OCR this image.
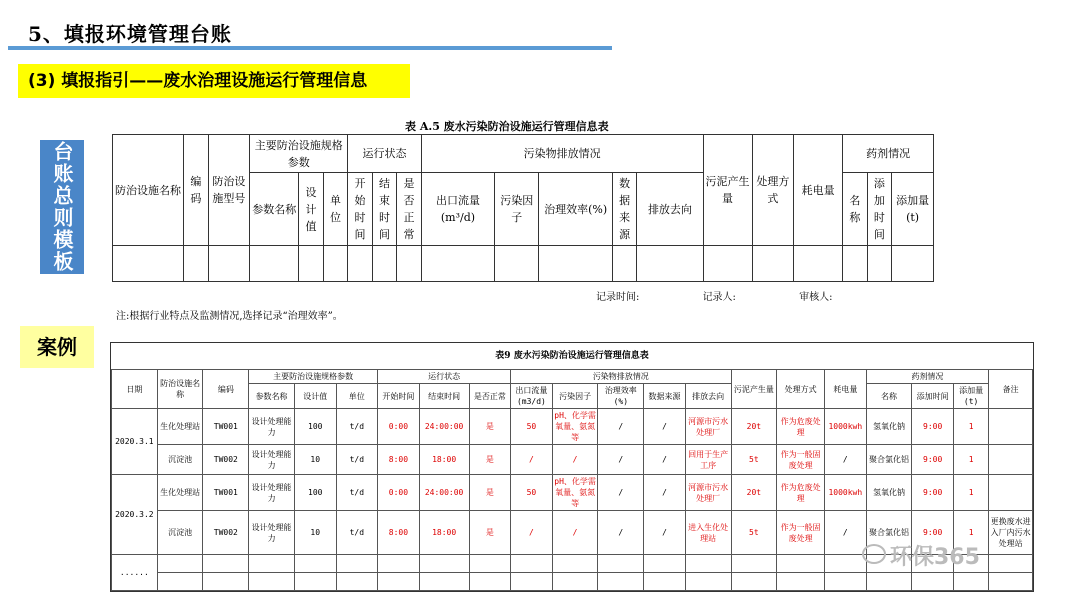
5、填报环境管理台账
(3) 填报指引——废水治理设施运行管理信息
台账总则模板
案例
表 A.5 废水污染防治设施运行管理信息表
防治设施名称	编码	防治设施型号	主要防治设施规格参数			运行状态			污染物排放情况					污泥产生量	处理方式	耗电量	药剂情况		
			参数名称	设计值	单位	开始时间	结束时间	是否正常	出口流量(m³/d)	污染因子	治理效率(%)	数据来源	排放去向				名称	添加时间	添加量(t)

记录时间:	记录人:	审核人:
注:根据行业特点及监测情况,选择记录“治理效率”。
表9 废水污染防治设施运行管理信息表
日期	防治设施名称	编码	主要防治设施规格参数			运行状态			污染物排放情况					污泥产生量	处理方式	耗电量	药剂情况			备注
			参数名称	设计值	单位	开始时间	结束时间	是否正常	出口流量(m3/d)	污染因子	治理效率(%)	数据来源	排放去向				名称	添加时间	添加量(t)	
2020.3.1	生化处理站	TW001	设计处理能力	100	t/d	0:00	24:00:00	是	50	pH、化学需氧量、氨氮等	/	/	河源市污水处理厂	20t	作为危废处理	1000kwh	氢氧化钠	9:00	1	
	沉淀池	TW002	设计处理能力	10	t/d	8:00	18:00	是	/	/	/	/	回用于生产工序	5t	作为一般固废处理	/	聚合氯化铝	9:00	1	
2020.3.2	生化处理站	TW001	设计处理能力	100	t/d	0:00	24:00:00	是	50	pH、化学需氧量、氨氮等	/	/	河源市污水处理厂	20t	作为危废处理	1000kwh	氢氧化钠	9:00	1	
	沉淀池	TW002	设计处理能力	10	t/d	8:00	18:00	是	/	/	/	/	进入生化处理站	5t	作为一般固废处理	/	聚合氯化铝	9:00	1	更换废水进入厂内污水处理站
......																				

环保365
